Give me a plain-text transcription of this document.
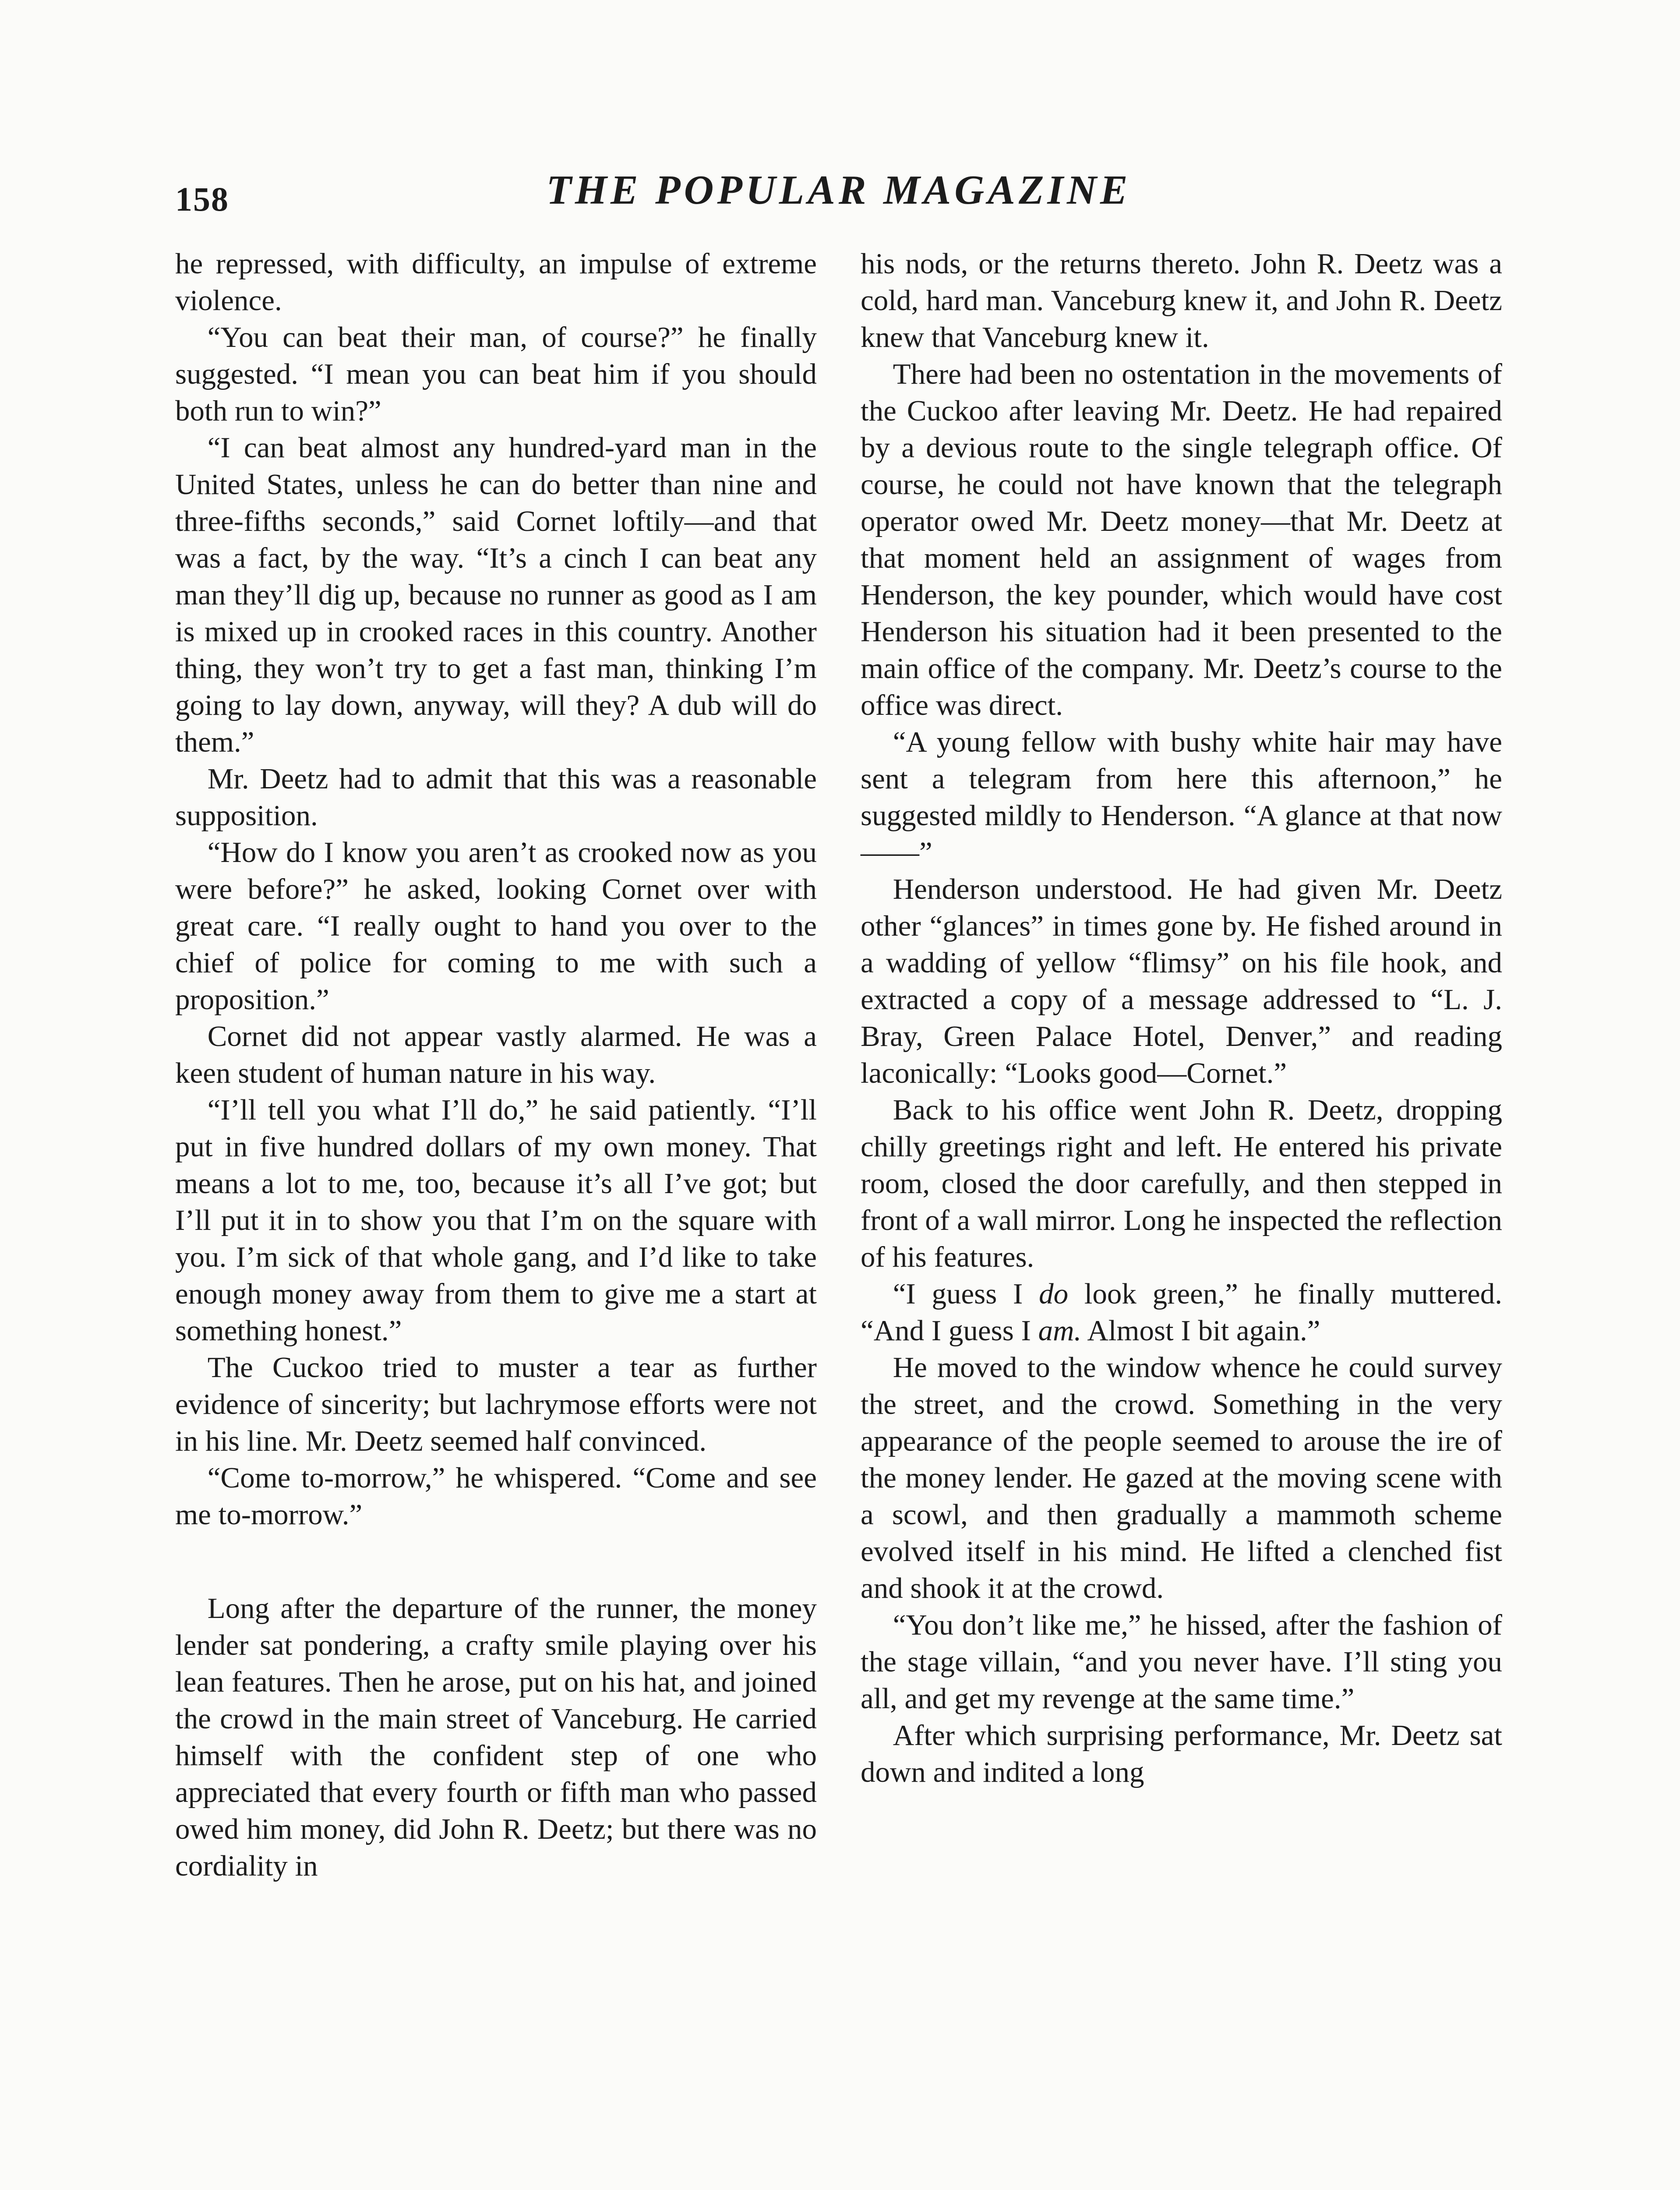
158	THE POPULAR MAGAZINE

he repressed, with difficulty, an impulse of extreme violence.

“You can beat their man, of course?” he finally suggested. “I mean you can beat him if you should both run to win?”

“I can beat almost any hundred-yard man in the United States, unless he can do better than nine and three-fifths seconds,” said Cornet loftily—and that was a fact, by the way. “It’s a cinch I can beat any man they’ll dig up, because no runner as good as I am is mixed up in crooked races in this country. Another thing, they won’t try to get a fast man, thinking I’m going to lay down, anyway, will they? A dub will do them.”

Mr. Deetz had to admit that this was a reasonable supposition.

“How do I know you aren’t as crooked now as you were before?” he asked, looking Cornet over with great care. “I really ought to hand you over to the chief of police for coming to me with such a proposition.”

Cornet did not appear vastly alarmed. He was a keen student of human nature in his way.

“I’ll tell you what I’ll do,” he said patiently. “I’ll put in five hundred dollars of my own money. That means a lot to me, too, because it’s all I’ve got; but I’ll put it in to show you that I’m on the square with you. I’m sick of that whole gang, and I’d like to take enough money away from them to give me a start at something honest.”

The Cuckoo tried to muster a tear as further evidence of sincerity; but lachrymose efforts were not in his line. Mr. Deetz seemed half convinced.

“Come to-morrow,” he whispered. “Come and see me to-morrow.”

Long after the departure of the runner, the money lender sat pondering, a crafty smile playing over his lean features. Then he arose, put on his hat, and joined the crowd in the main street of Vanceburg. He carried himself with the confident step of one who appreciated that every fourth or fifth man who passed owed him money, did John R. Deetz; but there was no cordiality in

his nods, or the returns thereto. John R. Deetz was a cold, hard man. Vanceburg knew it, and John R. Deetz knew that Vanceburg knew it.

There had been no ostentation in the movements of the Cuckoo after leaving Mr. Deetz. He had repaired by a devious route to the single telegraph office. Of course, he could not have known that the telegraph operator owed Mr. Deetz money—that Mr. Deetz at that moment held an assignment of wages from Henderson, the key pounder, which would have cost Henderson his situation had it been presented to the main office of the company. Mr. Deetz’s course to the office was direct.

“A young fellow with bushy white hair may have sent a telegram from here this afternoon,” he suggested mildly to Henderson. “A glance at that now——”

Henderson understood. He had given Mr. Deetz other “glances” in times gone by. He fished around in a wadding of yellow “flimsy” on his file hook, and extracted a copy of a message addressed to “L. J. Bray, Green Palace Hotel, Denver,” and reading laconically: “Looks good—Cornet.”

Back to his office went John R. Deetz, dropping chilly greetings right and left. He entered his private room, closed the door carefully, and then stepped in front of a wall mirror. Long he inspected the reflection of his features.

“I guess I do look green,” he finally muttered. “And I guess I am. Almost I bit again.”

He moved to the window whence he could survey the street, and the crowd. Something in the very appearance of the people seemed to arouse the ire of the money lender. He gazed at the moving scene with a scowl, and then gradually a mammoth scheme evolved itself in his mind. He lifted a clenched fist and shook it at the crowd.

“You don’t like me,” he hissed, after the fashion of the stage villain, “and you never have. I’ll sting you all, and get my revenge at the same time.”

After which surprising performance, Mr. Deetz sat down and indited a long
